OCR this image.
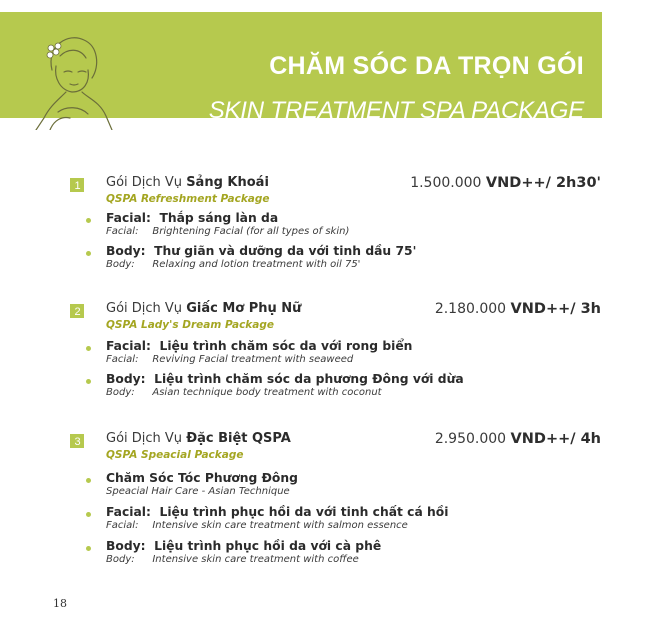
CHĂM SÓC DA TRỌN GÓI
SKIN TREATMENT SPA PACKAGE
1 Gói Dịch Vụ Sảng Khoái
QSPA Refreshment Package
1.500.000 VND++/ 2h30'
Facial: Thắp sáng làn da
Facial: Brightening Facial (for all types of skin)
Body: Thư giãn và dưỡng da với tinh dầu 75'
Body: Relaxing and lotion treatment with oil 75'
2 Gói Dịch Vụ Giấc Mơ Phụ Nữ
QSPA Lady's Dream Package
2.180.000 VND++/ 3h
Facial: Liệu trình chăm sóc da với rong biển
Facial: Reviving Facial treatment with seaweed
Body: Liệu trình chăm sóc da phương Đông với dừa
Body: Asian technique body treatment with coconut
3 Gói Dịch Vụ Đặc Biệt QSPA
QSPA Speacial Package
2.950.000 VND++/ 4h
Chăm Sóc Tóc Phương Đông
Speacial Hair Care - Asian Technique
Facial: Liệu trình phục hồi da với tinh chất cá hồi
Facial: Intensive skin care treatment with salmon essence
Body: Liệu trình phục hồi da với cà phê
Body: Intensive skin care treatment with coffee
18
